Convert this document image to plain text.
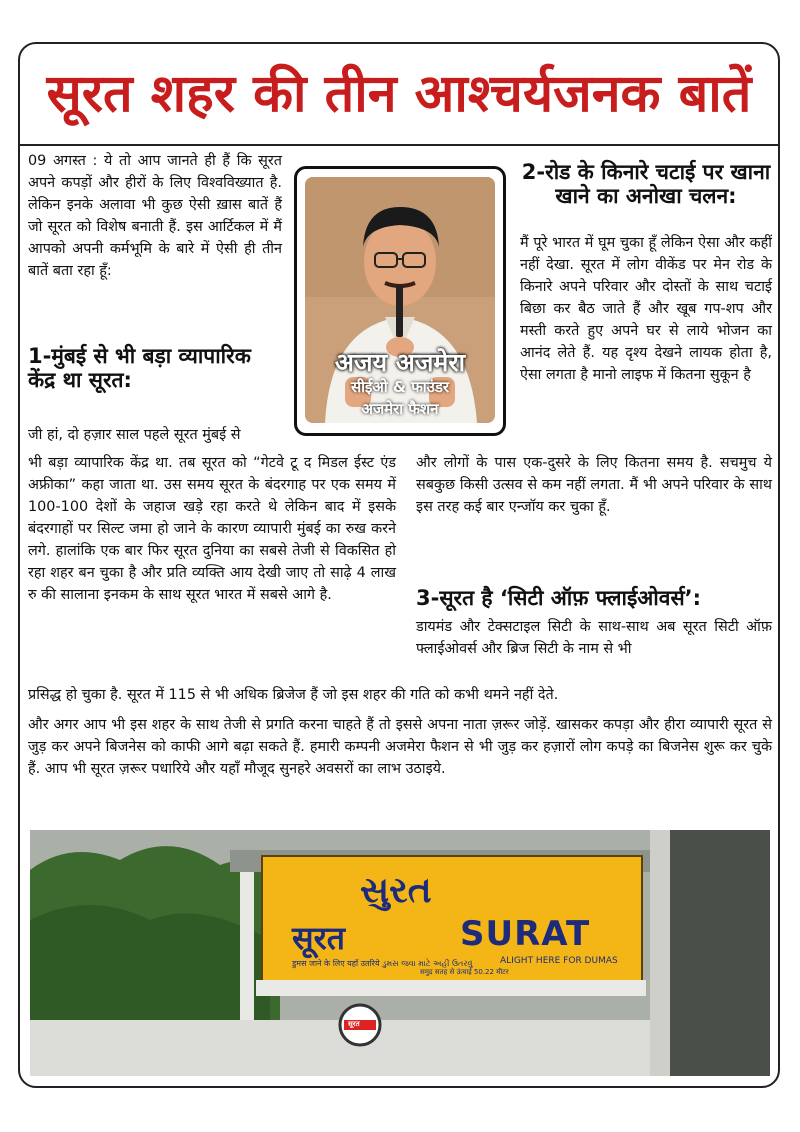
सूरत शहर की तीन आश्चर्यजनक बातें

09 अगस्त : ये तो आप जानते ही हैं कि सूरत अपने कपड़ों और हीरों के लिए विश्वविख्यात है. लेकिन इनके अलावा भी कुछ ऐसी ख़ास बातें हैं जो सूरत को विशेष बनाती हैं. इस आर्टिकल में मैं आपको अपनी कर्मभूमि के बारे में ऐसी ही तीन बातें बता रहा हूँ:

1-मुंबई से भी बड़ा व्यापारिक केंद्र था सूरत:

जी हां, दो हज़ार साल पहले सूरत मुंबई से

अजय अजमेरा
सीईओ & फाउंडर
अजमेरा फैशन
2-रोड के किनारे चटाई पर खाना खाने का अनोखा चलन:

मैं पूरे भारत में घूम चुका हूँ लेकिन ऐसा और कहीं नहीं देखा. सूरत में लोग वीकेंड पर मेन रोड के किनारे अपने परिवार और दोस्तों के साथ चटाई बिछा कर बैठ जाते हैं और खूब गप-शप और मस्ती करते हुए अपने घर से लाये भोजन का आनंद लेते हैं. यह दृश्य देखने लायक होता है, ऐसा लगता है मानो लाइफ में कितना सुकून है

भी बड़ा व्यापारिक केंद्र था. तब सूरत को “गेटवे टू द मिडल ईस्ट एंड अफ्रीका” कहा जाता था. उस समय सूरत के बंदरगाह पर एक समय में 100-100 देशों के जहाज खड़े रहा करते थे लेकिन बाद में इसके बंदरगाहों पर सिल्ट जमा हो जाने के कारण व्यापारी मुंबई का रुख करने लगे. हालांकि एक बार फिर सूरत दुनिया का सबसे तेजी से विकसित हो रहा शहर बन चुका है और प्रति व्यक्ति आय देखी जाए तो साढ़े 4 लाख रु की सालाना इनकम के साथ सूरत भारत में सबसे आगे है.

और लोगों के पास एक-दुसरे के लिए कितना समय है. सचमुच ये सबकुछ किसी उत्सव से कम नहीं लगता. मैं भी अपने परिवार के साथ इस तरह कई बार एन्जॉय कर चुका हूँ.

3-सूरत है ‘सिटी ऑफ़ फ्लाईओवर्स’:

डायमंड और टेक्सटाइल सिटी के साथ-साथ अब सूरत सिटी ऑफ़ फ्लाईओवर्स और ब्रिज सिटी के नाम से भी

प्रसिद्ध हो चुका है. सूरत में 115 से भी अधिक ब्रिजेज हैं जो इस शहर की गति को कभी थमने नहीं देते.

और अगर आप भी इस शहर के साथ तेजी से प्रगति करना चाहते हैं तो इससे अपना नाता ज़रूर जोड़ें. खासकर कपड़ा और हीरा व्यापारी सूरत से जुड़ कर अपने बिजनेस को काफी आगे बढ़ा सकते हैं. हमारी कम्पनी अजमेरा फैशन से भी जुड़ कर हज़ारों लोग कपड़े का बिजनेस शुरू कर चुके हैं. आप भी सूरत ज़रूर पधारिये और यहाँ मौजूद सुनहरे अवसरों का लाभ उठाइये.

સુરત
सूरत	SURAT
डुमस जाने के लिए यहाँ उतरिये ડુમસ જવા માટે અહીં ઉતરવું	ALIGHT HERE FOR DUMAS
समुद्र सतह से ऊंचाई 50.22 मीटर
सूरत
